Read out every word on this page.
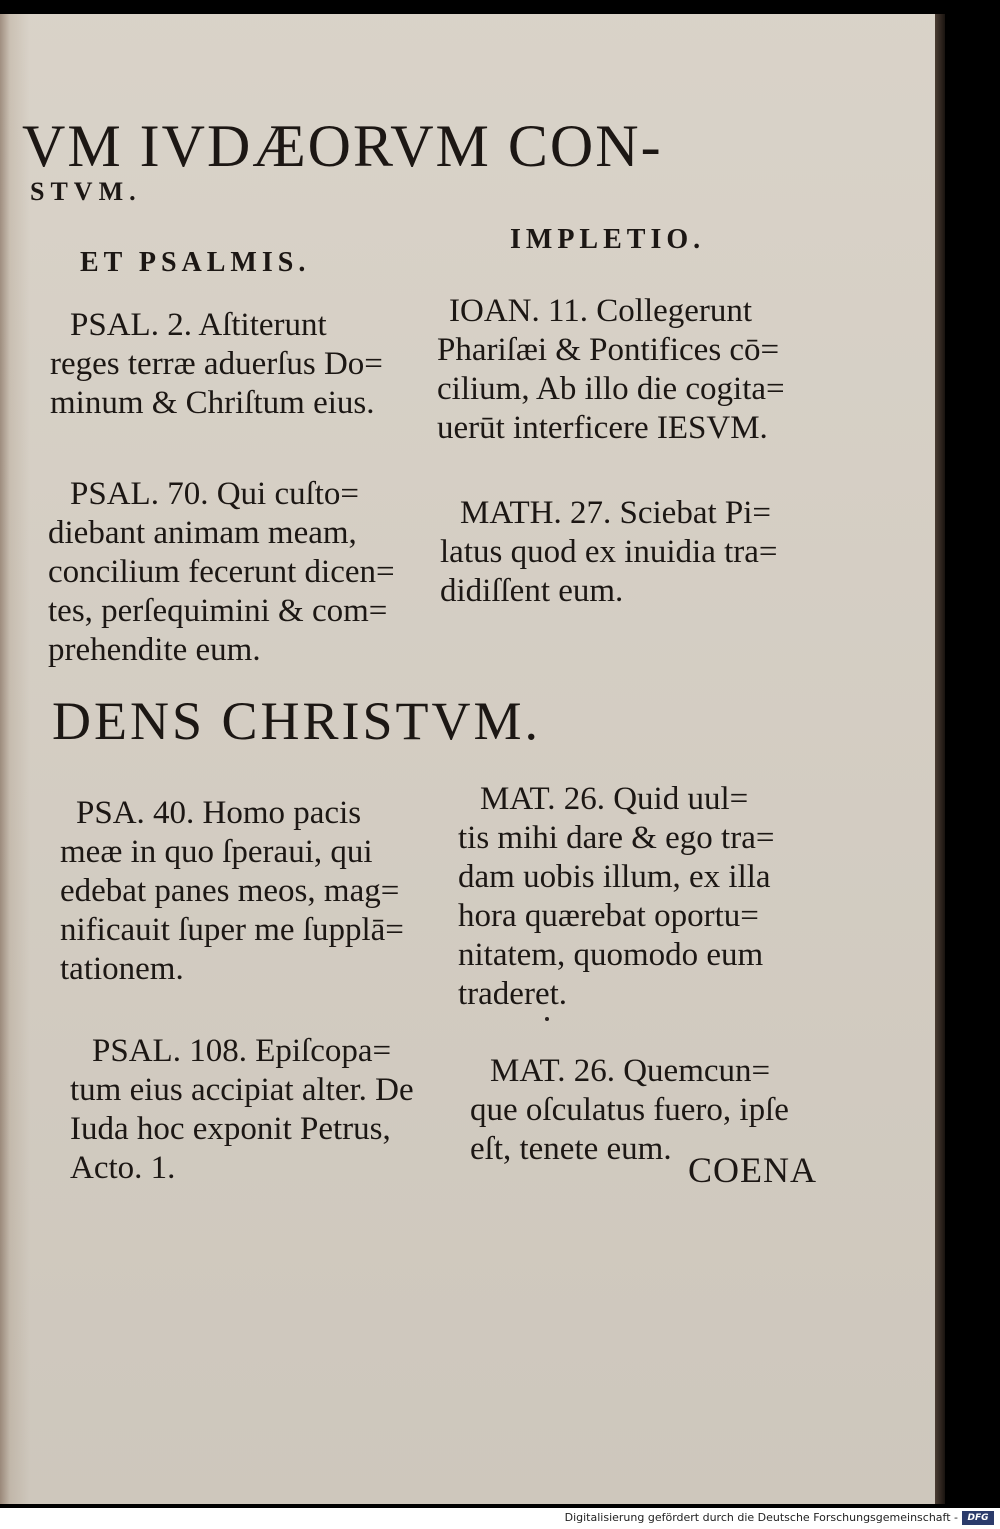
VM IVDÆORVM CON-
STVM.
ET PSALMIS.
IMPLETIO.
PSAL. 2. Aſtiterunt
reges terræ aduerſus Do=
minum & Chriſtum eius.
PSAL. 70. Qui cuſto=
diebant animam meam,
concilium fecerunt dicen=
tes, perſequimini & com=
prehendite eum.
IOAN. 11. Collegerunt
Phariſæi & Pontifices cō=
cilium, Ab illo die cogita=
uerūt interficere IESVM.
MATH. 27. Sciebat Pi=
latus quod ex inuidia tra=
didiſſent eum.
DENS CHRISTVM.
PSA. 40. Homo pacis
meæ in quo ſperaui, qui
edebat panes meos, mag=
nificauit ſuper me ſupplā=
tationem.
PSAL. 108. Epiſcopa=
tum eius accipiat alter. De
Iuda hoc exponit Petrus,
Acto. 1.
MAT. 26. Quid uul=
tis mihi dare & ego tra=
dam uobis illum, ex illa
hora quærebat oportu=
nitatem, quomodo eum
traderet.
MAT. 26. Quemcun=
que oſculatus fuero, ipſe
eſt, tenete eum.
COENA
Digitalisierung gefördert durch die Deutsche Forschungsgemeinschaft -	DFG
